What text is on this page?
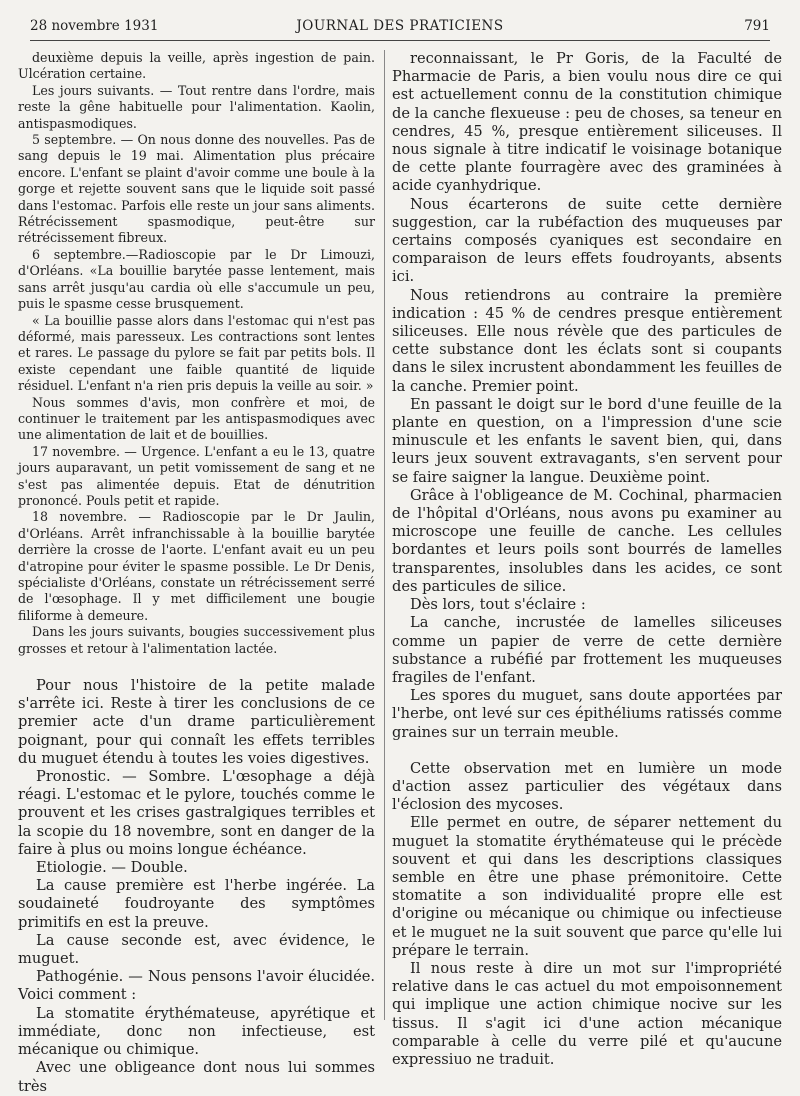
28 novembre 1931	JOURNAL DES PRATICIENS	791

deuxième depuis la veille, après ingestion de pain. Ulcération certaine.

Les jours suivants. — Tout rentre dans l'ordre, mais reste la gêne habituelle pour l'alimentation. Kaolin, antispasmodiques.

5 septembre. — On nous donne des nouvelles. Pas de sang depuis le 19 mai. Alimentation plus précaire encore. L'enfant se plaint d'avoir comme une boule à la gorge et rejette souvent sans que le liquide soit passé dans l'estomac. Parfois elle reste un jour sans aliments. Rétrécissement spasmodique, peut-être sur rétrécissement fibreux.

6 septembre.—Radioscopie par le Dr Limouzi, d'Orléans. «La bouillie barytée passe lentement, mais sans arrêt jusqu'au cardia où elle s'accumule un peu, puis le spasme cesse brusquement.

« La bouillie passe alors dans l'estomac qui n'est pas déformé, mais paresseux. Les contractions sont lentes et rares. Le passage du pylore se fait par petits bols. Il existe cependant une faible quantité de liquide résiduel. L'enfant n'a rien pris depuis la veille au soir. »

Nous sommes d'avis, mon confrère et moi, de continuer le traitement par les antispasmodiques avec une alimentation de lait et de bouillies.

17 novembre. — Urgence. L'enfant a eu le 13, quatre jours auparavant, un petit vomissement de sang et ne s'est pas alimentée depuis. Etat de dénutrition prononcé. Pouls petit et rapide.

18 novembre. — Radioscopie par le Dr Jaulin, d'Orléans. Arrêt infranchissable à la bouillie barytée derrière la crosse de l'aorte. L'enfant avait eu un peu d'atropine pour éviter le spasme possible. Le Dr Denis, spécialiste d'Orléans, constate un rétrécissement serré de l'œsophage. Il y met difficilement une bougie filiforme à demeure.

Dans les jours suivants, bougies successivement plus grosses et retour à l'alimentation lactée.

Pour nous l'histoire de la petite malade s'arrête ici. Reste à tirer les conclusions de ce premier acte d'un drame particulièrement poignant, pour qui connaît les effets terribles du muguet étendu à toutes les voies digestives.

Pronostic. — Sombre. L'œsophage a déjà réagi. L'estomac et le pylore, touchés comme le prouvent et les crises gastralgiques terribles et la scopie du 18 novembre, sont en danger de la faire à plus ou moins longue échéance.

Etiologie. — Double.

La cause première est l'herbe ingérée. La soudaineté foudroyante des symptômes primitifs en est la preuve.

La cause seconde est, avec évidence, le muguet.

Pathogénie. — Nous pensons l'avoir élucidée. Voici comment :

La stomatite érythémateuse, apyrétique et immédiate, donc non infectieuse, est mécanique ou chimique.

Avec une obligeance dont nous lui sommes très

reconnaissant, le Pr Goris, de la Faculté de Pharmacie de Paris, a bien voulu nous dire ce qui est actuellement connu de la constitution chimique de la canche flexueuse : peu de choses, sa teneur en cendres, 45 %, presque entièrement siliceuses. Il nous signale à titre indicatif le voisinage botanique de cette plante fourragère avec des graminées à acide cyanhydrique.

Nous écarterons de suite cette dernière suggestion, car la rubéfaction des muqueuses par certains composés cyaniques est secondaire en comparaison de leurs effets foudroyants, absents ici.

Nous retiendrons au contraire la première indication : 45 % de cendres presque entièrement siliceuses. Elle nous révèle que des particules de cette substance dont les éclats sont si coupants dans le silex incrustent abondamment les feuilles de la canche. Premier point.

En passant le doigt sur le bord d'une feuille de la plante en question, on a l'impression d'une scie minuscule et les enfants le savent bien, qui, dans leurs jeux souvent extravagants, s'en servent pour se faire saigner la langue. Deuxième point.

Grâce à l'obligeance de M. Cochinal, pharmacien de l'hôpital d'Orléans, nous avons pu examiner au microscope une feuille de canche. Les cellules bordantes et leurs poils sont bourrés de lamelles transparentes, insolubles dans les acides, ce sont des particules de silice.

Dès lors, tout s'éclaire :

La canche, incrustée de lamelles siliceuses comme un papier de verre de cette dernière substance a rubéfié par frottement les muqueuses fragiles de l'enfant.

Les spores du muguet, sans doute apportées par l'herbe, ont levé sur ces épithéliums ratissés comme graines sur un terrain meuble.

Cette observation met en lumière un mode d'action assez particulier des végétaux dans l'éclosion des mycoses.

Elle permet en outre, de séparer nettement du muguet la stomatite érythémateuse qui le précède souvent et qui dans les descriptions classiques semble en être une phase prémonitoire. Cette stomatite a son individualité propre elle est d'origine ou mécanique ou chimique ou infectieuse et le muguet ne la suit souvent que parce qu'elle lui prépare le terrain.

Il nous reste à dire un mot sur l'impropriété relative dans le cas actuel du mot empoisonnement qui implique une action chimique nocive sur les tissus. Il s'agit ici d'une action mécanique comparable à celle du verre pilé et qu'aucune expressiuo ne traduit.
